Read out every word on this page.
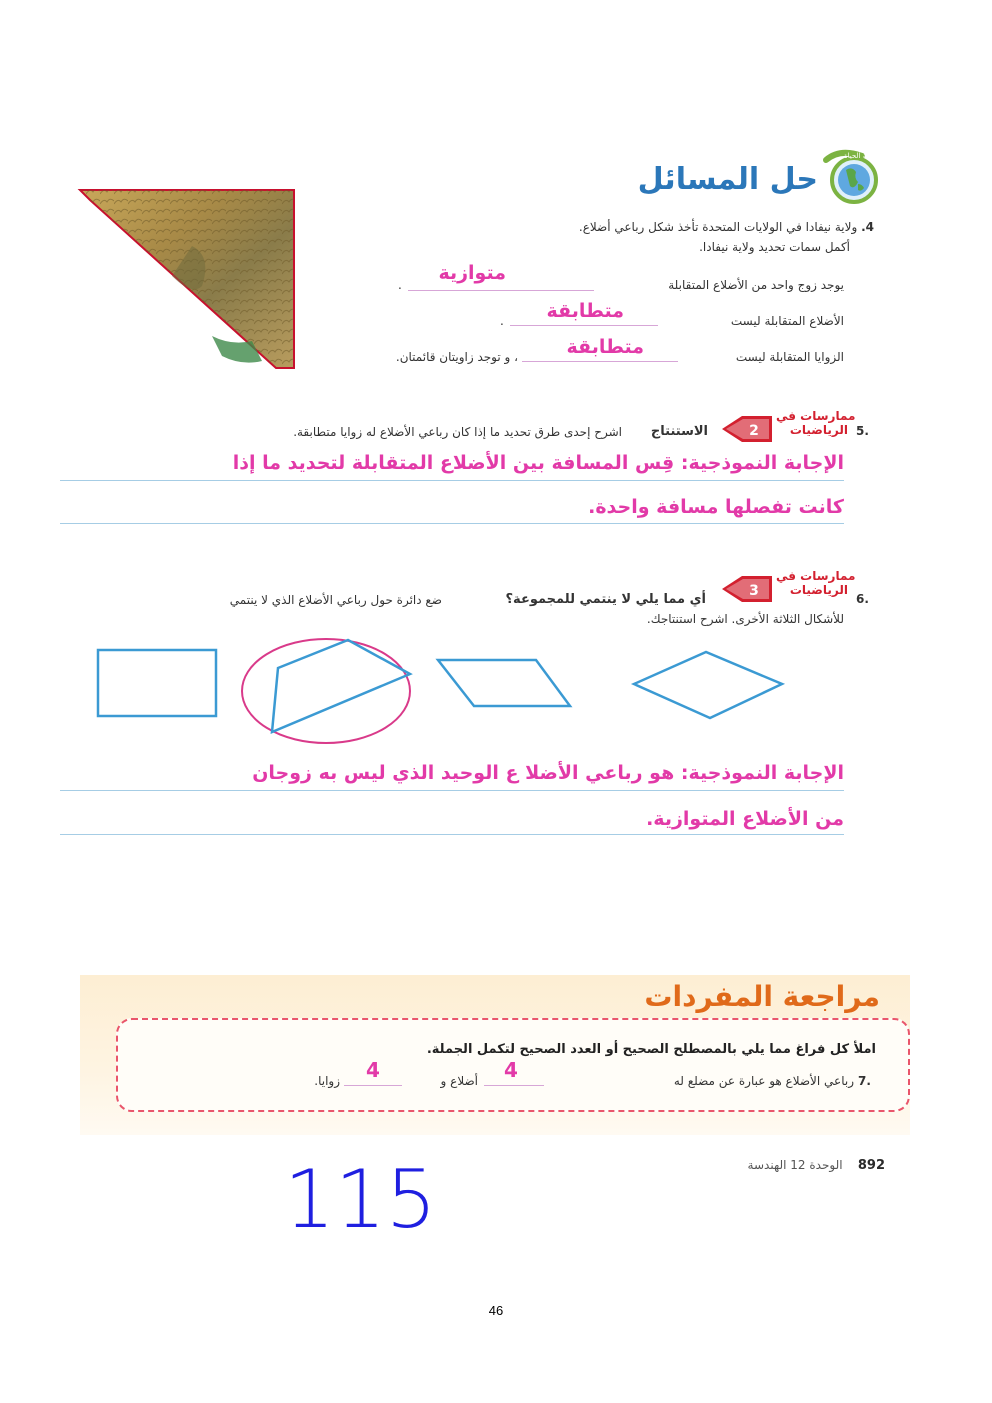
أهمية الحياة
حل المسائل
4. ولاية نيفادا في الولايات المتحدة تأخذ شكل رباعي أضلاع.
أكمل سمات تحديد ولاية نيفادا.
يوجد زوج واحد من الأضلاع المتقابلة
.
متوازية
الأضلاع المتقابلة ليست
.	متطابقة
الزوايا المتقابلة ليست
، و توجد زاويتان قائمتان.	متطابقة
5.
ممارسات في
الرياضيات
2
الاستنتاج
اشرح إحدى طرق تحديد ما إذا كان رباعي الأضلاع له زوايا متطابقة.
الإجابة النموذجية: قِس المسافة بين الأضلاع المتقابلة لتحديد ما إذا
كانت تفصلها مسافة واحدة.
6.
ممارسات في
الرياضيات
3
أي مما يلي لا ينتمي للمجموعة؟
ضع دائرة حول رباعي الأضلاع الذي لا ينتمي
للأشكال الثلاثة الأخرى. اشرح استنتاجك.
الإجابة النموذجية: هو رباعي الأضلا ع الوحيد الذي ليس به زوجان
من الأضلاع المتوازية.
مراجعة المفردات
املأ كل فراغ مما يلي بالمصطلح الصحيح أو العدد الصحيح لتكمل الجملة.
7.
رباعي الأضلاع هو عبارة عن مضلع له
4
أضلاع و
4
زوايا.
892    الوحدة 12 الهندسة
115
46
